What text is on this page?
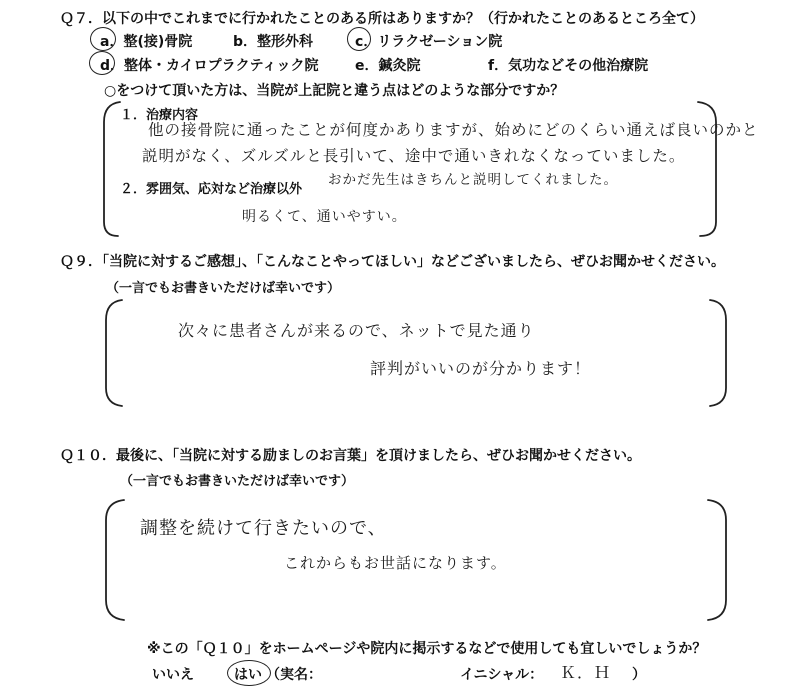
Ｑ７．以下の中でこれまでに行かれたことのある所はありますか？（行かれたことのあるところ全て）
a．整(接)骨院	b．整形外科	c．リラクゼーション院
d．整体・カイロプラクティック院	e．鍼灸院	f．気功などその他治療院
○をつけて頂いた方は、当院が上記院と違う点はどのような部分ですか？
１．治療内容
他の接骨院に通ったことが何度かありますが、始めにどのくらい通えば良いのかと
説明がなく、ズルズルと長引いて、途中で通いきれなくなっていました。
２．雰囲気、応対など治療以外
おかだ先生はきちんと説明してくれました。
明るくて、通いやすい。
Ｑ９．「当院に対するご感想」、「こんなことやってほしい」などございましたら、ぜひお聞かせください。
（一言でもお書きいただけば幸いです）
次々に患者さんが来るので、ネットで見た通り
評判がいいのが分かります！
Ｑ１０．最後に、「当院に対する励ましのお言葉」を頂けましたら、ぜひお聞かせください。
（一言でもお書きいただけば幸いです）
調整を続けて行きたいので、
これからもお世話になります。
※この「Ｑ１０」をホームページや院内に掲示するなどで使用しても宜しいでしょうか？
いいえ	はい （実名：	イニシャル： Ｋ．Ｈ ）
